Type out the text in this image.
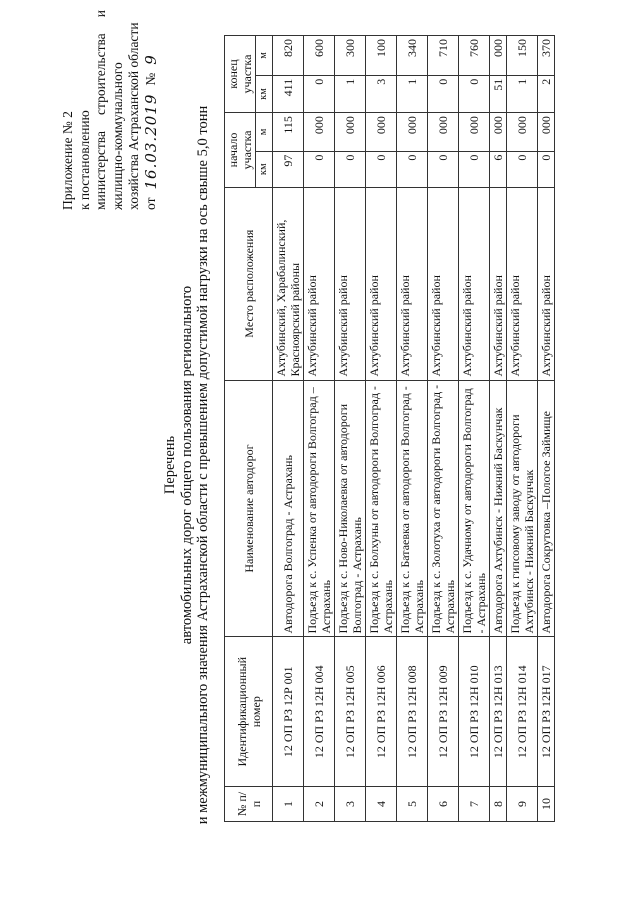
Приложение № 2 к постановлению министерства
строительства
и
жилищно-коммунального хозяйства Астраханской области от
16.03.2019
№
9
Перечень автомобильных дорог общего пользования регионального и межмуниципального значения Астраханской области с превышением допустимой нагрузки на ось свыше 5,0 тонн № п/п	Идентификационный номер	Наименование автодорог	Место расположения	начало участка		конец участка	
				км	м	км	м
1	12 ОП РЗ 12Р 001	Автодорога Волгоград - Астрахань	Ахтубинский, Харабалинский, Красноярский районы	97	115	411	820
2	12 ОП РЗ 12Н 004	Подъезд к с. Успенка от автодороги Волгоград – Астрахань	Ахтубинский район	0	000	0	600
3	12 ОП РЗ 12Н 005	Подъезд к с. Ново-Николаевка от автодороги Волгоград - Астрахань	Ахтубинский район	0	000	1	300
4	12 ОП РЗ 12Н 006	Подъезд к с. Болхуны от автодороги Волгоград - Астрахань	Ахтубинский район	0	000	3	100
5	12 ОП РЗ 12Н 008	Подъезд к с. Батаевка от автодороги Волгоград - Астрахань	Ахтубинский район	0	000	1	340
6	12 ОП РЗ 12Н 009	Подъезд к с. Золотуха от автодороги Волгоград - Астрахань	Ахтубинский район	0	000	0	710
7	12 ОП РЗ 12Н 010	Подъезд к с. Удачному от автодороги Волгоград - Астрахань	Ахтубинский район	0	000	0	760
8	12 ОП РЗ 12Н 013	Автодорога Ахтубинск - Нижний Баскунчак	Ахтубинский район	6	000	51	000
9	12 ОП РЗ 12Н 014	Подъезд к гипсовому заводу от автодороги Ахтубинск - Нижний Баскунчак	Ахтубинский район	0	000	1	150
10	12 ОП РЗ 12Н 017	Автодорога Сокрутовка –Пологое Займище	Ахтубинский район	0	000	2	370
